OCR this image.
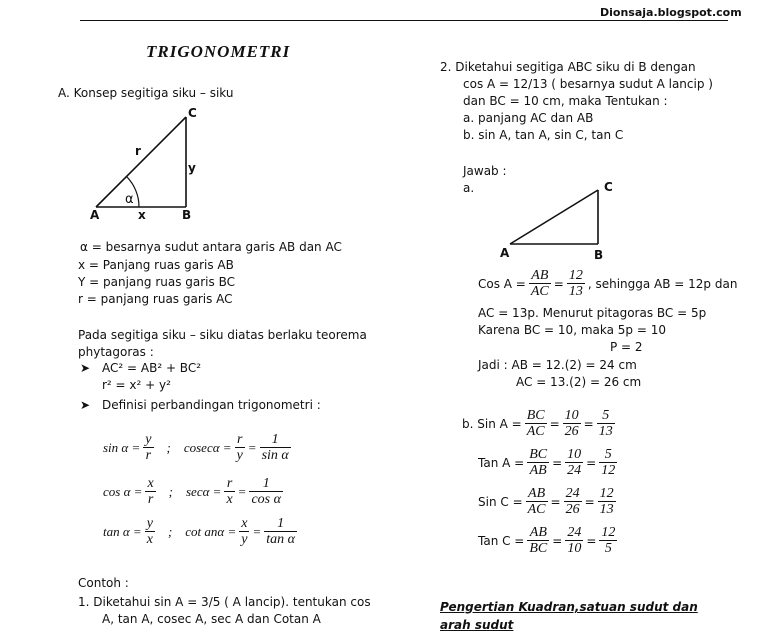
Dionsaja.blogspot.com
TRIGONOMETRI
A. Konsep segitiga siku – siku
C
r
y
α
A	x	B
α = besarnya sudut antara garis AB dan AC
x = Panjang ruas garis AB
Y = panjang ruas garis BC
r = panjang ruas garis AC
Pada segitiga siku – siku diatas berlaku teorema
phytagoras :
➤ AC² = AB² + BC²
r² = x² + y²
➤ Definisi perbandingan trigonometri :
$\sin \alpha = \frac{y}{r}$ ; $cosec\alpha = \frac{r}{y} = \frac{1}{\text{sin α}}$
$\cos \alpha = \frac{x}{r}$ ; $\sec\alpha = \frac{r}{x} = \frac{1}{\text{cos α}}$
$\tan \alpha = \frac{y}{x}$ ; $\cot an\alpha = \frac{x}{y} = \frac{1}{\text{tan α}}$
Contoh :
1. Diketahui sin A = 3/5 ( A lancip). tentukan cos
A, tan A, cosec A, sec A dan Cotan A
2. Diketahui segitiga ABC siku di B dengan
cos A = 12/13 ( besarnya sudut A lancip )
dan BC = 10 cm, maka Tentukan :
a. panjang AC dan AB
b. sin A, tan A, sin C, tan C
Jawab :
a.	C
A	B
Cos $A = \frac{AB}{AC} = \frac{12}{13}$ , sehingga AB = 12p dan
AC = 13p. Menurut pitagoras BC = 5p
Karena BC = 10, maka 5p = 10
P = 2
Jadi : AB = 12.(2) = 24 cm
AC = 13.(2) = 26 cm
b. Sin $A = \frac{BC}{AC} = \frac{10}{26} = \frac{5}{13}$
Tan $A = \frac{BC}{AB} = \frac{10}{24} = \frac{5}{12}$
Sin $C = \frac{AB}{AC} = \frac{24}{26} = \frac{12}{13}$
Tan $C = \frac{AB}{BC} = \frac{24}{10} = \frac{12}{5}$
Pengertian Kuadran,satuan sudut dan
arah sudut
